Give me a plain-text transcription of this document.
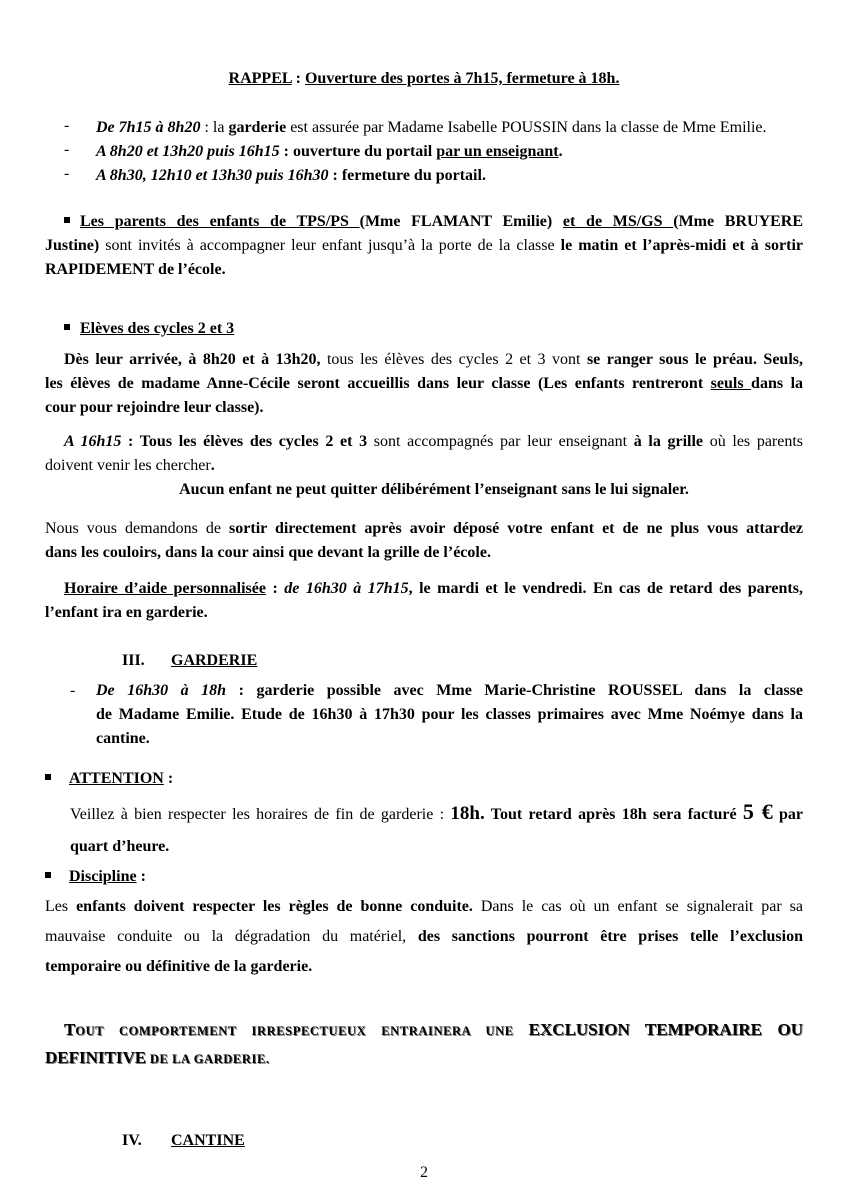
RAPPEL : Ouverture des portes à 7h15, fermeture à 18h.
- De 7h15 à 8h20 : la garderie est assurée par Madame Isabelle POUSSIN dans la classe de Mme Emilie.
- A 8h20 et 13h20 puis 16h15 : ouverture du portail par un enseignant.
- A 8h30, 12h10 et 13h30 puis 16h30 : fermeture du portail.
Les parents des enfants de TPS/PS (Mme FLAMANT Emilie) et de MS/GS (Mme BRUYERE
Justine) sont invités à accompagner leur enfant jusqu’à la porte de la classe le matin et l’après-midi et à sortir
RAPIDEMENT de l’école.
Elèves des cycles 2 et 3
Dès leur arrivée, à 8h20 et à 13h20, tous les élèves des cycles 2 et 3 vont se ranger sous le préau. Seuls,
les élèves de madame Anne-Cécile seront accueillis dans leur classe (Les enfants rentreront seuls dans la
cour pour rejoindre leur classe).
A 16h15 : Tous les élèves des cycles 2 et 3 sont accompagnés par leur enseignant à la grille où les parents
doivent venir les chercher.
Aucun enfant ne peut quitter délibérément l’enseignant sans le lui signaler.
Nous vous demandons de sortir directement après avoir déposé votre enfant et de ne plus vous attardez
dans les couloirs, dans la cour ainsi que devant la grille de l’école.
Horaire d’aide personnalisée : de 16h30 à 17h15, le mardi et le vendredi. En cas de retard des parents,
l’enfant ira en garderie.
III. GARDERIE
- De 16h30 à 18h : garderie possible avec Mme Marie-Christine ROUSSEL dans la classe
de Madame Emilie. Etude de 16h30 à 17h30 pour les classes primaires avec Mme Noémye dans la
cantine.
ATTENTION :
Veillez à bien respecter les horaires de fin de garderie : 18h. Tout retard après 18h sera facturé 5 € par
quart d’heure.
Discipline :
Les enfants doivent respecter les règles de bonne conduite. Dans le cas où un enfant se signalerait par sa
mauvaise conduite ou la dégradation du matériel, des sanctions pourront être prises telle l’exclusion
temporaire ou définitive de la garderie.
TOUT COMPORTEMENT IRRESPECTUEUX ENTRAINERA UNE EXCLUSION TEMPORAIRE OU
DEFINITIVE DE LA GARDERIE.
IV. CANTINE
2
